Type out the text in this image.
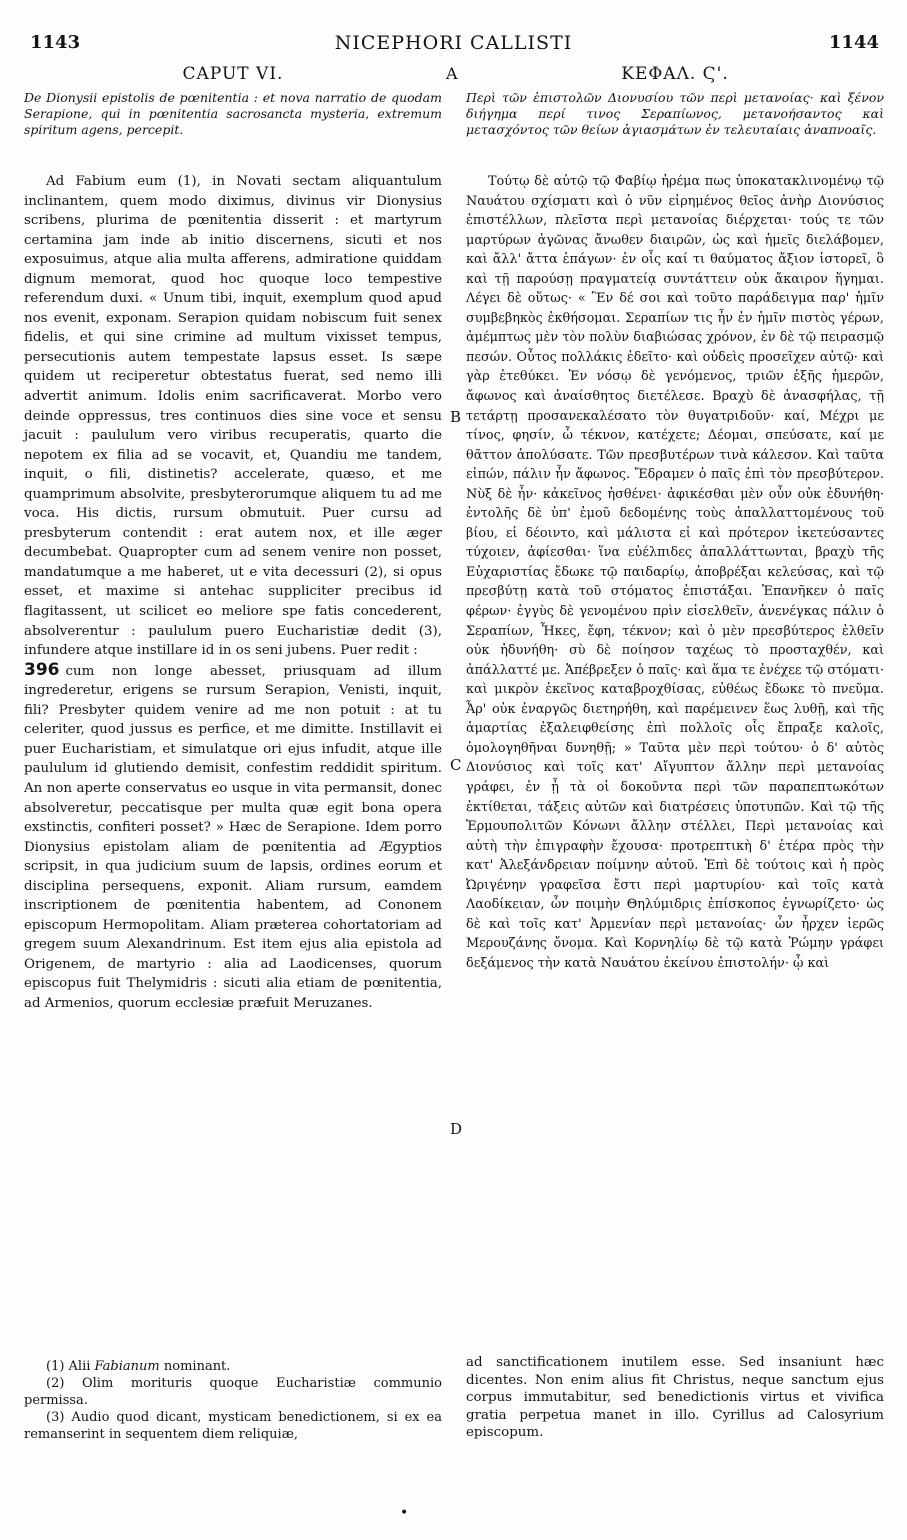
1143	NICEPHORI CALLISTI	1144
A
B
C
D
CAPUT VI.
De Dionysii epistolis de pœnitentia : et nova narratio de quodam Serapione, qui in pœnitentia sacrosancta mysteria, extremum spiritum agens, percepit.

Ad Fabium eum (1), in Novati sectam aliquantulum inclinantem, quem modo diximus, divinus vir Dionysius scribens, plurima de pœnitentia disserit : et martyrum certamina jam inde ab initio discernens, sicuti et nos exposuimus, atque alia multa afferens, admiratione quiddam dignum memorat, quod hoc quoque loco tempestive referendum duxi. « Unum tibi, inquit, exemplum quod apud nos evenit, exponam. Serapion quidam nobiscum fuit senex fidelis, et qui sine crimine ad multum vixisset tempus, persecutionis autem tempestate lapsus esset. Is sæpe quidem ut reciperetur obtestatus fuerat, sed nemo illi advertit animum. Idolis enim sacrificaverat. Morbo vero deinde oppressus, tres continuos dies sine voce et sensu jacuit : paululum vero viribus recuperatis, quarto die nepotem ex filia ad se vocavit, et, Quandiu me tandem, inquit, o fili, distinetis? accelerate, quæso, et me quamprimum absolvite, presbyterorumque aliquem tu ad me voca. His dictis, rursum obmutuit. Puer cursu ad presbyterum contendit : erat autem nox, et ille æger decumbebat. Quapropter cum ad senem venire non posset, mandatumque a me haberet, ut e vita decessuri (2), si opus esset, et maxime si antehac suppliciter precibus id flagitassent, ut scilicet eo meliore spe fatis concederent, absolverentur : paululum puero Eucharistiæ dedit (3), infundere atque instillare id in os seni jubens. Puer redit :

396 cum non longe abesset, priusquam ad illum ingrederetur, erigens se rursum Serapion, Venisti, inquit, fili? Presbyter quidem venire ad me non potuit : at tu celeriter, quod jussus es perfice, et me dimitte. Instillavit ei puer Eucharistiam, et simulatque ori ejus infudit, atque ille paululum id glutiendo demisit, confestim reddidit spiritum. An non aperte conservatus eo usque in vita permansit, donec absolveretur, peccatisque per multa quæ egit bona opera exstinctis, confiteri posset? » Hæc de Serapione. Idem porro Dionysius epistolam aliam de pœnitentia ad Ægyptios scripsit, in qua judicium suum de lapsis, ordines eorum et disciplina persequens, exponit. Aliam rursum, eamdem inscriptionem de pœnitentia habentem, ad Cononem episcopum Hermopolitam. Aliam præterea cohortatoriam ad gregem suum Alexandrinum. Est item ejus alia epistola ad Origenem, de martyrio : alia ad Laodicenses, quorum episcopus fuit Thelymidris : sicuti alia etiam de pœnitentia, ad Armenios, quorum ecclesiæ præfuit Meruzanes.

(1) Alii Fabianum nominant.
(2) Olim morituris quoque Eucharistiæ communio permissa.
(3) Audio quod dicant, mysticam benedictionem, si ex ea remanserint in sequentem diem reliquiæ,
ΚΕΦΑΛ. Ϛ'.
Περὶ τῶν ἐπιστολῶν Διονυσίου τῶν περὶ μετανοίας· καὶ ξένον διήγημα περί τινος Σεραπίωνος, μετανοήσαντος καὶ μετασχόντος τῶν θείων ἁγιασμάτων ἐν τελευταίαις ἀναπνοαῖς.

Τούτῳ δὲ αὐτῷ τῷ Φαβίῳ ἠρέμα πως ὑποκατακλινομένῳ τῷ Ναυάτου σχίσματι καὶ ὁ νῦν εἰρημένος θεῖος ἀνὴρ Διονύσιος ἐπιστέλλων, πλεῖστα περὶ μετανοίας διέρχεται· τούς τε τῶν μαρτύρων ἀγῶνας ἄνωθεν διαιρῶν, ὡς καὶ ἡμεῖς διελάβομεν, καὶ ἄλλ' ἄττα ἐπάγων· ἐν οἷς καί τι θαύματος ἄξιον ἱστορεῖ, ὃ καὶ τῇ παρούσῃ πραγματείᾳ συντάττειν οὐκ ἄκαιρον ἥγημαι. Λέγει δὲ οὕτως· « Ἓν δέ σοι καὶ τοῦτο παράδειγμα παρ' ἡμῖν συμβεβηκὸς ἐκθήσομαι. Σεραπίων τις ἦν ἐν ἡμῖν πιστὸς γέρων, ἀμέμπτως μὲν τὸν πολὺν διαβιώσας χρόνον, ἐν δὲ τῷ πειρασμῷ πεσών. Οὗτος πολλάκις ἐδεῖτο· καὶ οὐδεὶς προσεῖχεν αὐτῷ· καὶ γὰρ ἐτεθύκει. Ἐν νόσῳ δὲ γενόμενος, τριῶν ἑξῆς ἡμερῶν, ἄφωνος καὶ ἀναίσθητος διετέλεσε. Βραχὺ δὲ ἀνασφήλας, τῇ τετάρτῃ προσανεκαλέσατο τὸν θυγατριδοῦν· καί, Μέχρι με τίνος, φησίν, ὦ τέκνον, κατέχετε; Δέομαι, σπεύσατε, καί με θᾶττον ἀπολύσατε. Τῶν πρεσβυτέρων τινὰ κάλεσον. Καὶ ταῦτα εἰπών, πάλιν ἦν ἄφωνος. Ἔδραμεν ὁ παῖς ἐπὶ τὸν πρεσβύτερον. Νὺξ δὲ ἦν· κἀκεῖνος ἠσθένει· ἀφικέσθαι μὲν οὖν οὐκ ἐδυνήθη· ἐντολῆς δὲ ὑπ' ἐμοῦ δεδομένης τοὺς ἀπαλλαττομένους τοῦ βίου, εἰ δέοιντο, καὶ μάλιστα εἰ καὶ πρότερον ἱκετεύσαντες τύχοιεν, ἀφίεσθαι· ἵνα εὐέλπιδες ἀπαλλάττωνται, βραχὺ τῆς Εὐχαριστίας ἔδωκε τῷ παιδαρίῳ, ἀποβρέξαι κελεύσας, καὶ τῷ πρεσβύτῃ κατὰ τοῦ στόματος ἐπιστάξαι. Ἐπανῆκεν ὁ παῖς φέρων· ἐγγὺς δὲ γενομένου πρὶν εἰσελθεῖν, ἀνενέγκας πάλιν ὁ Σεραπίων, Ἧκες, ἔφη, τέκνον; καὶ ὁ μὲν πρεσβύτερος ἐλθεῖν οὐκ ἠδυνήθη· σὺ δὲ ποίησον ταχέως τὸ προσταχθέν, καὶ ἀπάλλαττέ με. Ἀπέβρεξεν ὁ παῖς· καὶ ἅμα τε ἐνέχεε τῷ στόματι· καὶ μικρὸν ἐκεῖνος καταβροχθίσας, εὐθέως ἔδωκε τὸ πνεῦμα. Ἆρ' οὐκ ἐναργῶς διετηρήθη, καὶ παρέμεινεν ἕως λυθῇ, καὶ τῆς ἁμαρτίας ἐξαλειφθείσης ἐπὶ πολλοῖς οἷς ἔπραξε καλοῖς, ὁμολογηθῆναι δυνηθῇ; » Ταῦτα μὲν περὶ τούτου· ὁ δ' αὐτὸς Διονύσιος καὶ τοῖς κατ' Αἴγυπτον ἄλλην περὶ μετανοίας γράφει, ἐν ᾗ τὰ οἱ δοκοῦντα περὶ τῶν παραπεπτωκότων ἐκτίθεται, τάξεις αὐτῶν καὶ διατρέσεις ὑποτυπῶν. Καὶ τῷ τῆς Ἑρμουπολιτῶν Κόνωνι ἄλλην στέλλει, Περὶ μετανοίας καὶ αὐτὴ τὴν ἐπιγραφὴν ἔχουσα· προτρεπτικὴ δ' ἑτέρα πρὸς τὴν κατ' Ἀλεξάνδρειαν ποίμνην αὐτοῦ. Ἐπὶ δὲ τούτοις καὶ ἡ πρὸς Ὠριγένην γραφεῖσα ἔστι περὶ μαρτυρίου· καὶ τοῖς κατὰ Λαοδίκειαν, ὧν ποιμὴν Θηλύμιδρις ἐπίσκοπος ἐγνωρίζετο· ὡς δὲ καὶ τοῖς κατ' Ἀρμενίαν περὶ μετανοίας· ὧν ἦρχεν ἱερῶς Μερουζάνης ὄνομα. Καὶ Κορνηλίῳ δὲ τῷ κατὰ Ῥώμην γράφει δεξάμενος τὴν κατὰ Ναυάτου ἐκείνου ἐπιστολήν· ᾧ καὶ

ad sanctificationem inutilem esse. Sed insaniunt hæc dicentes. Non enim alius fit Christus, neque sanctum ejus corpus immutabitur, sed benedictionis virtus et vivifica gratia perpetua manet in illo. Cyrillus ad Calosyrium episcopum.
•
